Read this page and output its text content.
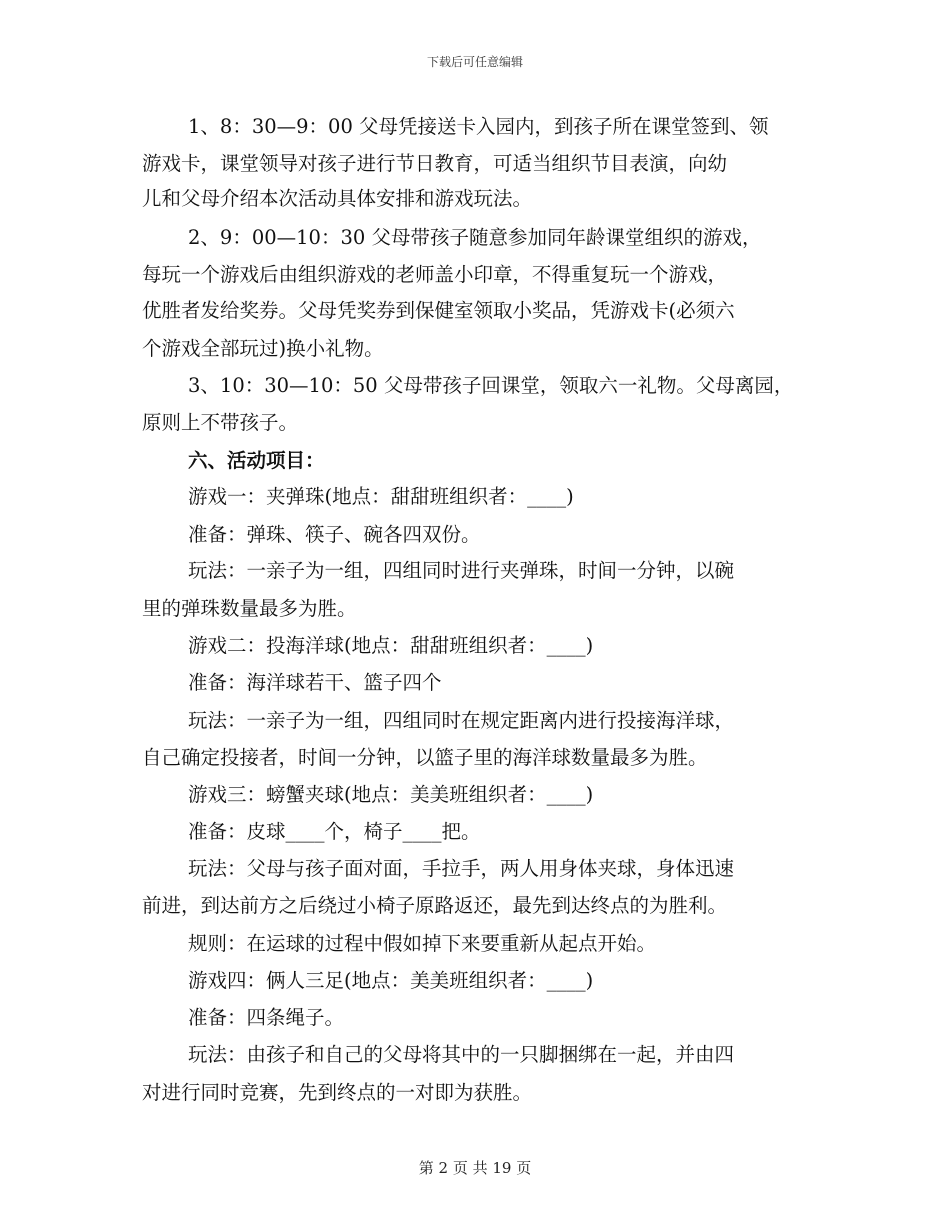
下载后可任意编辑
1、8：30—9：00 父母凭接送卡入园内，到孩子所在课堂签到、领
游戏卡，课堂领导对孩子进行节日教育，可适当组织节目表演，向幼
儿和父母介绍本次活动具体安排和游戏玩法。
2、9：00—10：30 父母带孩子随意参加同年龄课堂组织的游戏，
每玩一个游戏后由组织游戏的老师盖小印章，不得重复玩一个游戏，
优胜者发给奖券。父母凭奖券到保健室领取小奖品，凭游戏卡(必须六
个游戏全部玩过)换小礼物。
3、10：30—10：50 父母带孩子回课堂，领取六一礼物。父母离园，
原则上不带孩子。
六、活动项目：
游戏一：夹弹珠(地点：甜甜班组织者：____)
准备：弹珠、筷子、碗各四双份。
玩法：一亲子为一组，四组同时进行夹弹珠，时间一分钟，以碗
里的弹珠数量最多为胜。
游戏二：投海洋球(地点：甜甜班组织者：____)
准备：海洋球若干、篮子四个
玩法：一亲子为一组，四组同时在规定距离内进行投接海洋球，
自己确定投接者，时间一分钟，以篮子里的海洋球数量最多为胜。
游戏三：螃蟹夹球(地点：美美班组织者：____)
准备：皮球____个，椅子____把。
玩法：父母与孩子面对面，手拉手，两人用身体夹球，身体迅速
前进，到达前方之后绕过小椅子原路返还，最先到达终点的为胜利。
规则：在运球的过程中假如掉下来要重新从起点开始。
游戏四：俩人三足(地点：美美班组织者：____)
准备：四条绳子。
玩法：由孩子和自己的父母将其中的一只脚捆绑在一起，并由四
对进行同时竞赛，先到终点的一对即为获胜。
第 2 页 共 19 页
